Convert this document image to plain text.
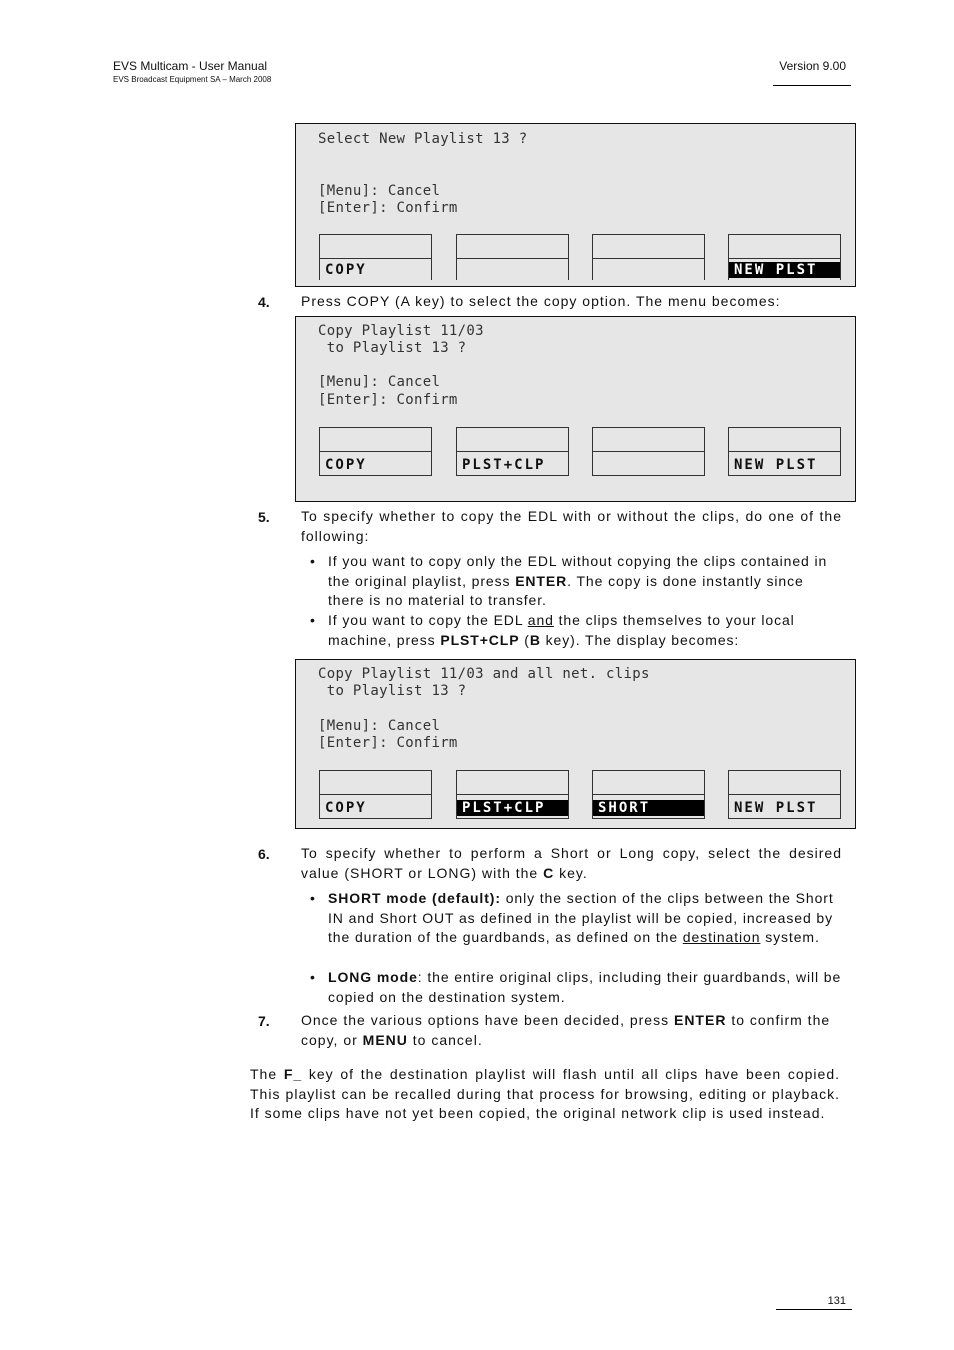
EVS Multicam - User Manual
EVS Broadcast Equipment SA – March 2008
Version 9.00
Select New Playlist 13 ?
[Menu]: Cancel
[Enter]: Confirm
COPY	NEW PLST
4. Press COPY (A key) to select the copy option. The menu becomes:
Copy Playlist 11/03
to Playlist 13 ?
[Menu]: Cancel
[Enter]: Confirm
COPY	PLST+CLP	NEW PLST
5. To specify whether to copy the EDL with or without the clips, do one of the following:
• If you want to copy only the EDL without copying the clips contained in the original playlist, press ENTER. The copy is done instantly since there is no material to transfer.
• If you want to copy the EDL and the clips themselves to your local machine, press PLST+CLP (B key). The display becomes:
Copy Playlist 11/03 and all net. clips
to Playlist 13 ?
[Menu]: Cancel
[Enter]: Confirm
COPY	PLST+CLP	SHORT	NEW PLST
6. To specify whether to perform a Short or Long copy, select the desired value (SHORT or LONG) with the C key.
• SHORT mode (default): only the section of the clips between the Short IN and Short OUT as defined in the playlist will be copied, increased by the duration of the guardbands, as defined on the destination system.
• LONG mode: the entire original clips, including their guardbands, will be copied on the destination system.
7. Once the various options have been decided, press ENTER to confirm the copy, or MENU to cancel.
The F_ key of the destination playlist will flash until all clips have been copied. This playlist can be recalled during that process for browsing, editing or playback. If some clips have not yet been copied, the original network clip is used instead.
131
